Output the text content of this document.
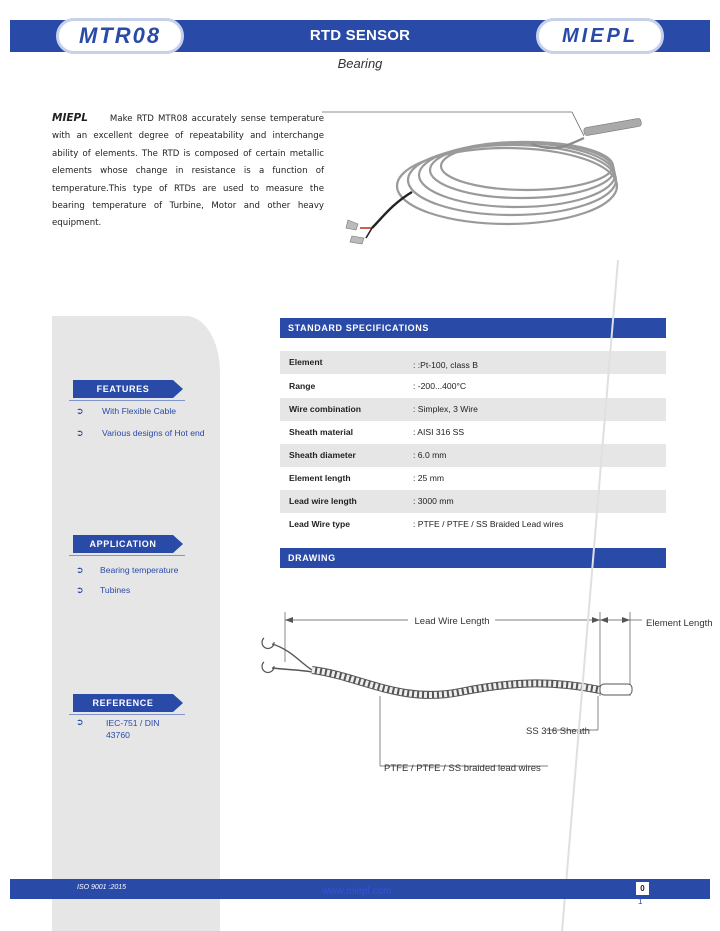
RTD SENSOR
MTR08	MIEPL
Bearing
MIEPL	Make RTD MTR08 accurately sense temperature with an excellent degree of repeatability and interchange ability of elements. The RTD is composed of certain metallic elements whose change in resistance is a function of temperature.This type of RTDs are used to measure the bearing temperature of Turbine, Motor and other heavy equipment.
FEATURES
➲ With Flexible Cable
➲ Various designs of Hot end
APPLICATION
➲ Bearing temperature
➲ Tubines
REFERENCE
➲	IEC-751 / DIN 43760
STANDARD SPECIFICATIONS
Element	: :Pt-100, class B
Range	: -200...400°C
Wire combination	: Simplex, 3 Wire
Sheath material	: AISI 316 SS
Sheath diameter	: 6.0 mm
Element length	: 25 mm
Lead wire length	: 3000 mm
Lead Wire type	: PTFE / PTFE / SS Braided Lead wires
DRAWING
Lead Wire Length	Element Length
SS 316 Sheath
PTFE / PTFE / SS braided lead wires
ISO 9001 :2015	www.miepl.com	0
1
